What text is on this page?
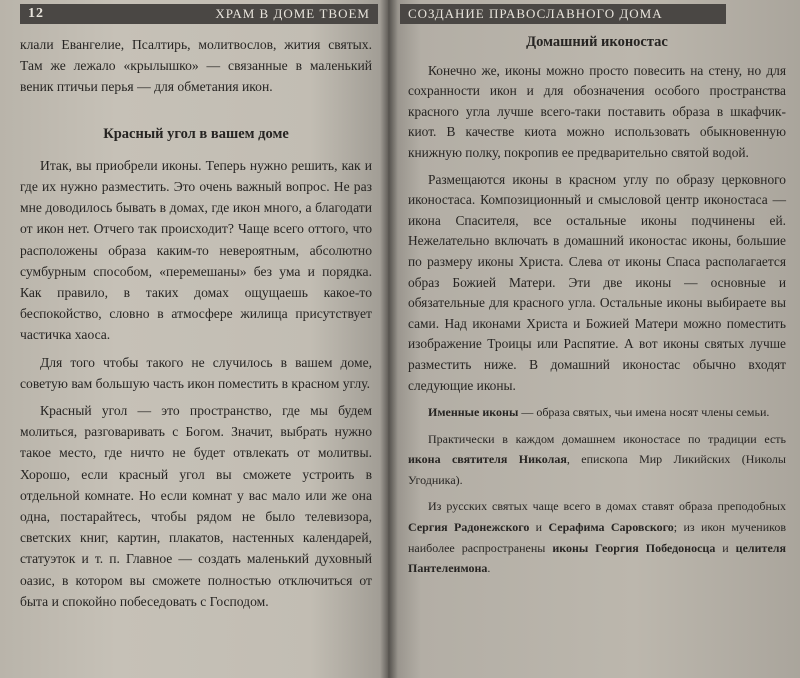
12	ХРАМ В ДОМЕ ТВОЕМ

клали Евангелие, Псалтирь, молитвослов, жития святых. Там же лежало «крылышко» — связанные в маленький веник птичьи перья — для обметания икон.

Красный угол в вашем доме

Итак, вы приобрели иконы. Теперь нужно решить, как и где их нужно разместить. Это очень важный вопрос. Не раз мне доводилось бывать в домах, где икон много, а благодати от икон нет. Отчего так происходит? Чаще всего оттого, что расположены образа каким-то невероятным, абсолютно сумбурным способом, «перемешаны» без ума и порядка. Как правило, в таких домах ощущаешь какое-то беспокойство, словно в атмосфере жилища присутствует частичка хаоса.

Для того чтобы такого не случилось в вашем доме, советую вам большую часть икон поместить в красном углу.

Красный угол — это пространство, где мы будем молиться, разговаривать с Богом. Значит, выбрать нужно такое место, где ничто не будет отвлекать от молитвы. Хорошо, если красный угол вы сможете устроить в отдельной комнате. Но если комнат у вас мало или же она одна, постарайтесь, чтобы рядом не было телевизора, светских книг, картин, плакатов, настенных календарей, статуэток и т. п. Главное — создать маленький духовный оазис, в котором вы сможете полностью отключиться от быта и спокойно побеседовать с Господом.

СОЗДАНИЕ ПРАВОСЛАВНОГО ДОМА
Домашний иконостас

Конечно же, иконы можно просто повесить на стену, но для сохранности икон и для обозначения особого пространства красного угла лучше всего-таки поставить образа в шкафчик-киот. В качестве киота можно использовать обыкновенную книжную полку, покропив ее предварительно святой водой.

Размещаются иконы в красном углу по образу церковного иконостаса. Композиционный и смысловой центр иконостаса — икона Спасителя, все остальные иконы подчинены ей. Нежелательно включать в домашний иконостас иконы, большие по размеру иконы Христа. Слева от иконы Спаса располагается образ Божией Матери. Эти две иконы — основные и обязательные для красного угла. Остальные иконы выбираете вы сами. Над иконами Христа и Божией Матери можно поместить изображение Троицы или Распятие. А вот иконы святых лучше разместить ниже. В домашний иконостас обычно входят следующие иконы.

Именные иконы — образа святых, чьи имена носят члены семьи.

Практически в каждом домашнем иконостасе по традиции есть икона святителя Николая, епископа Мир Ликийских (Николы Угодника).

Из русских святых чаще всего в домах ставят образа преподобных Сергия Радонежского и Серафима Саровского; из икон мучеников наиболее распространены иконы Георгия Победоносца и целителя Пантелеимона.
